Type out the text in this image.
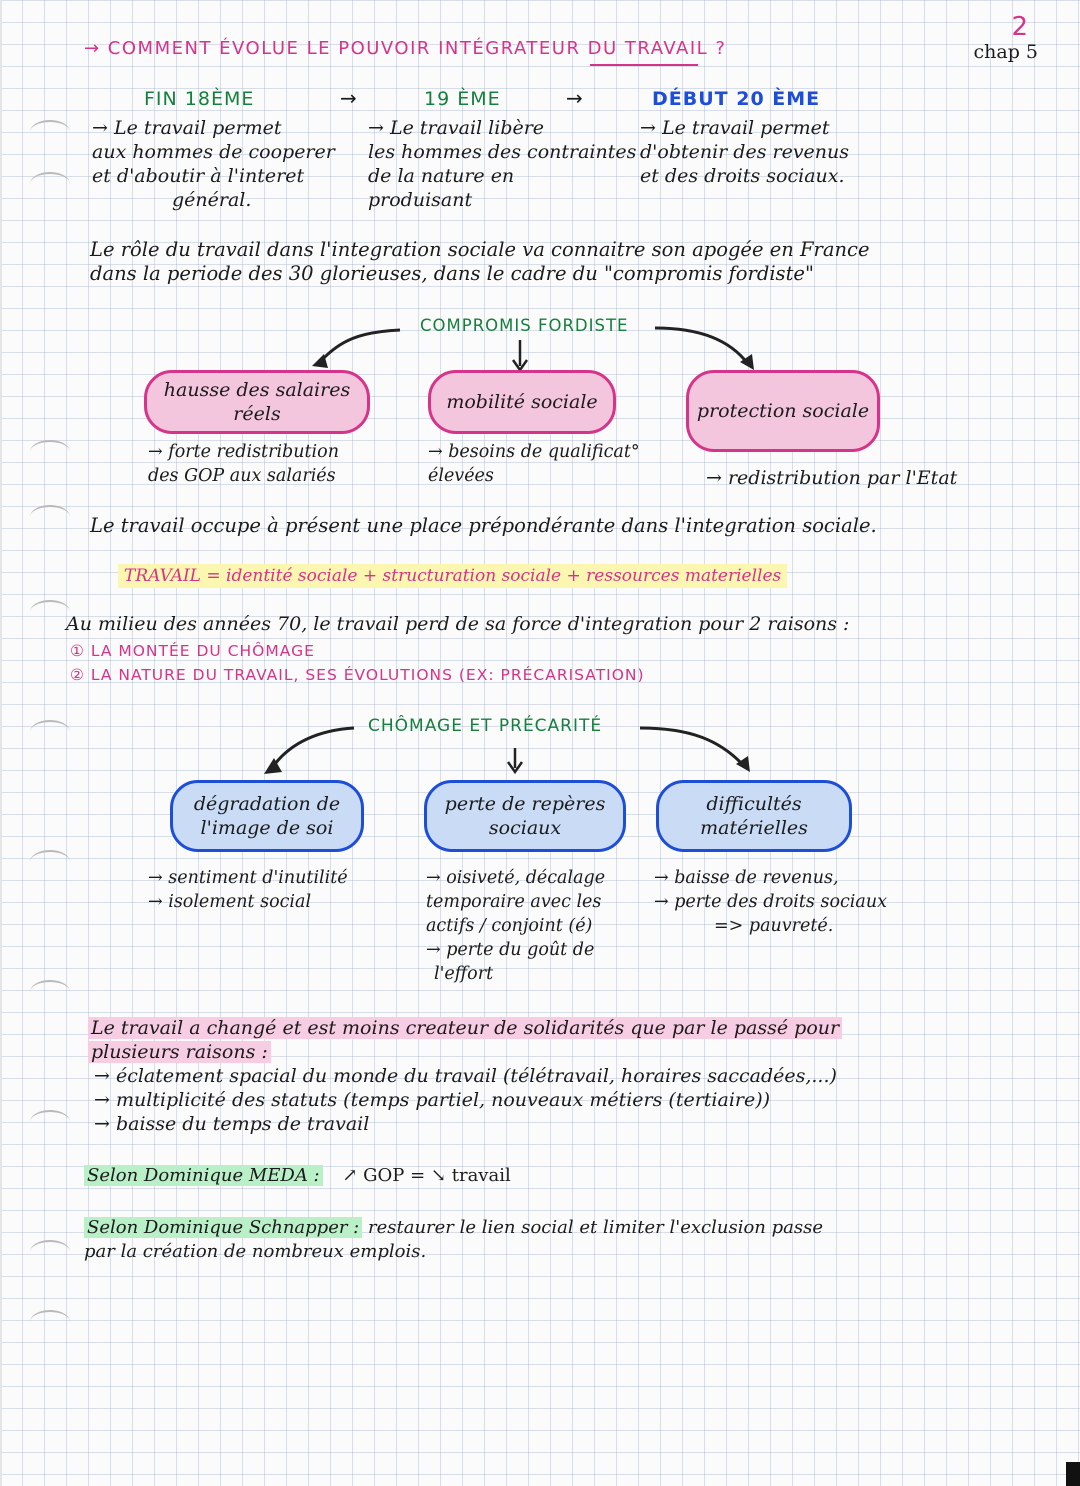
2
chap 5
→ COMMENT ÉVOLUE LE POUVOIR INTÉGRATEUR DU TRAVAIL ?
FIN 18ÈME	→	19 ÈME	→	DÉBUT 20 ÈME
→ Le travail permet
aux hommes de cooperer
et d'aboutir à l'interet
général.
→ Le travail libère
les hommes des contraintes
de la nature en
produisant
→ Le travail permet
d'obtenir des revenus
et des droits sociaux.
Le rôle du travail dans l'integration sociale va connaitre son apogée en France
dans la periode des 30 glorieuses, dans le cadre du "compromis fordiste"
COMPROMIS FORDISTE
hausse des salaires réels
mobilité sociale	protection sociale
→ forte redistribution
des GOP aux salariés
→ besoins de qualificat°
élevées	→ redistribution par l'Etat
Le travail occupe à présent une place prépondérante dans l'integration sociale.
TRAVAIL = identité sociale + structuration sociale + ressources materielles
Au milieu des années 70, le travail perd de sa force d'integration pour 2 raisons :
① LA MONTÉE DU CHÔMAGE
② LA NATURE DU TRAVAIL, SES ÉVOLUTIONS (EX: PRÉCARISATION)
CHÔMAGE ET PRÉCARITÉ
dégradation de l'image de soi
perte de repères sociaux
difficultés matérielles
→ sentiment d'inutilité
→ isolement social
→ oisiveté, décalage
temporaire avec les
actifs / conjoint (é)
→ perte du goût de
l'effort
→ baisse de revenus,
→ perte des droits sociaux
=> pauvreté.
Le travail a changé et est moins createur de solidarités que par le passé pour
plusieurs raisons :
→ éclatement spacial du monde du travail (télétravail, horaires saccadées,...)
→ multiplicité des statuts (temps partiel, nouveaux métiers (tertiaire))
→ baisse du temps de travail
Selon Dominique MEDA : ↗ GOP = ↘ travail
Selon Dominique Schnapper : restaurer le lien social et limiter l'exclusion passe
par la création de nombreux emplois.
